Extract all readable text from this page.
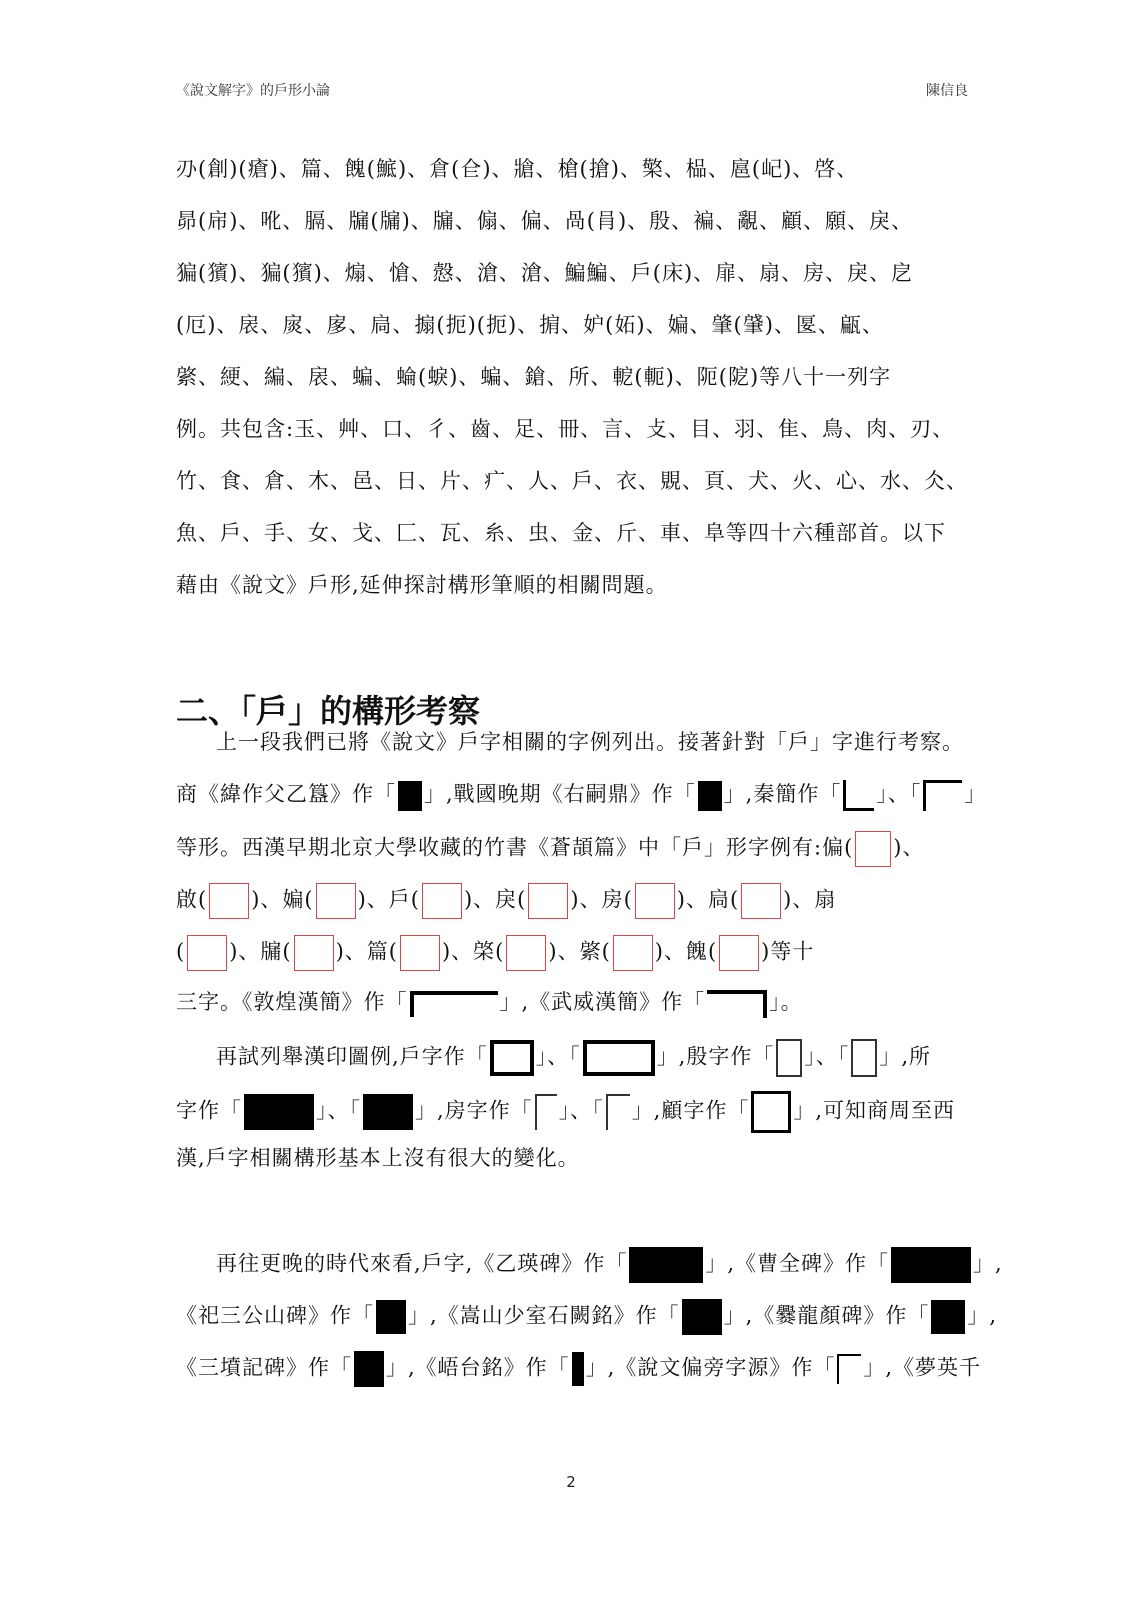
《說文解字》的戶形小論	陳信良
刅(創)(瘡)、篇、餽(鯳)、倉(仺)、牄、槍(搶)、檠、榀、扈(屺)、啓、
昴(帍)、吪、膈、牖(牖)、牖、傓、偏、咼(肙)、殷、褊、覶、顧、願、戾、
猵(獱)、猵(獱)、煽、愴、慤、滄、滄、鯿鯿、戶(床)、扉、扇、房、戾、戹
(厄)、扆、扊、扅、扃、搧(扼)(扼)、掮、妒(妬)、媥、肇(肈)、匽、甂、
綮、綆、編、扆、蝙、蜦(蜧)、蝙、鎗、所、軶(軛)、阨(阸)等八十一列字
例。共包含:玉、艸、口、彳、齒、足、冊、言、攴、目、羽、隹、鳥、肉、刃、
竹、食、倉、木、邑、日、片、疒、人、戶、衣、覞、頁、犬、火、心、水、仌、
魚、戶、手、女、戈、匚、瓦、糸、虫、金、斤、車、阜等四十六種部首。以下
藉由《說文》戶形,延伸探討構形筆順的相關問題。
二、「戶」的構形考察
上一段我們已將《說文》戶字相關的字例列出。接著針對「戶」字進行考察。
商《緯作父乙簋》作「 」,戰國晚期《右嗣鼎》作「 」,秦簡作「 」、「 」
等形。西漢早期北京大學收藏的竹書《蒼頡篇》中「戶」形字例有:偏( )、
啟( )、媥( )、戶( )、戾( )、房( )、扃( )、扇
( )、牖( )、篇( )、棨( )、綮( )、餽( )等十
三字。《敦煌漢簡》作「	」,《武威漢簡》作「	」。
再試列舉漢印圖例,戶字作「 」、「	」,殷字作「 」、「 」,所
字作「	」、「	」,房字作「 」、「 」,顧字作「 」,可知商周至西
漢,戶字相關構形基本上沒有很大的變化。
再往更晚的時代來看,戶字,《乙瑛碑》作「	」,《曹全碑》作「	」,
《祀三公山碑》作「 」,《嵩山少室石闕銘》作「 」,《爨龍顏碑》作「 」,
《三墳記碑》作「 」,《峿台銘》作「 」,《說文偏旁字源》作「 」,《夢英千
2
